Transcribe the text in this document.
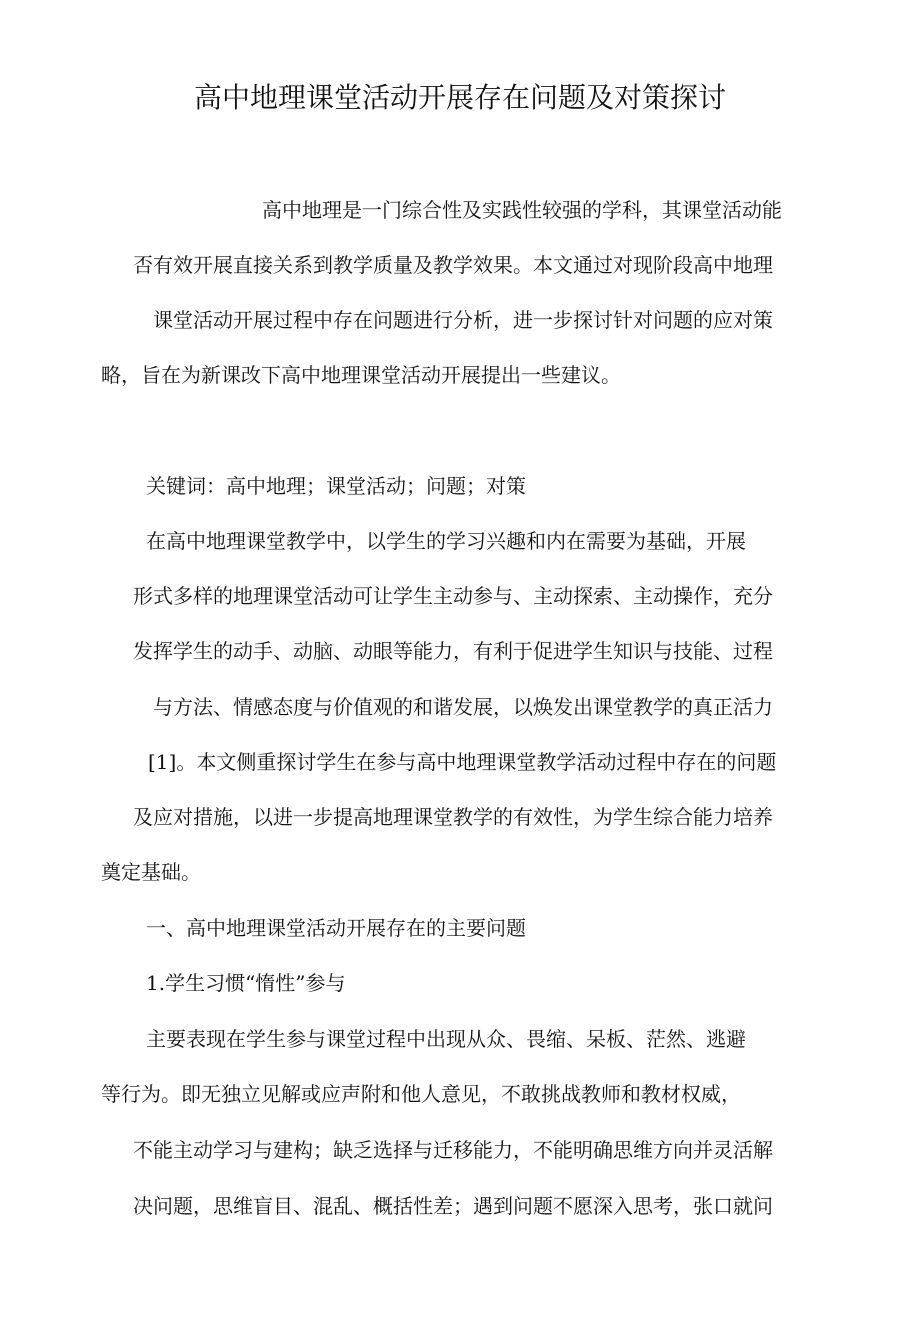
高中地理课堂活动开展存在问题及对策探讨
高中地理是一门综合性及实践性较强的学科，其课堂活动能
否有效开展直接关系到教学质量及教学效果。本文通过对现阶段高中地理
课堂活动开展过程中存在问题进行分析，进一步探讨针对问题的应对策
略，旨在为新课改下高中地理课堂活动开展提出一些建议。
关键词：高中地理；课堂活动；问题；对策
在高中地理课堂教学中，以学生的学习兴趣和内在需要为基础，开展
形式多样的地理课堂活动可让学生主动参与、主动探索、主动操作，充分
发挥学生的动手、动脑、动眼等能力，有利于促进学生知识与技能、过程
与方法、情感态度与价值观的和谐发展，以焕发出课堂教学的真正活力
[1]。本文侧重探讨学生在参与高中地理课堂教学活动过程中存在的问题
及应对措施，以进一步提高地理课堂教学的有效性，为学生综合能力培养
奠定基础。
一、高中地理课堂活动开展存在的主要问题
1.学生习惯“惰性”参与
主要表现在学生参与课堂过程中出现从众、畏缩、呆板、茫然、逃避
等行为。即无独立见解或应声附和他人意见，不敢挑战教师和教材权威，
不能主动学习与建构；缺乏选择与迁移能力，不能明确思维方向并灵活解
决问题，思维盲目、混乱、概括性差；遇到问题不愿深入思考，张口就问
